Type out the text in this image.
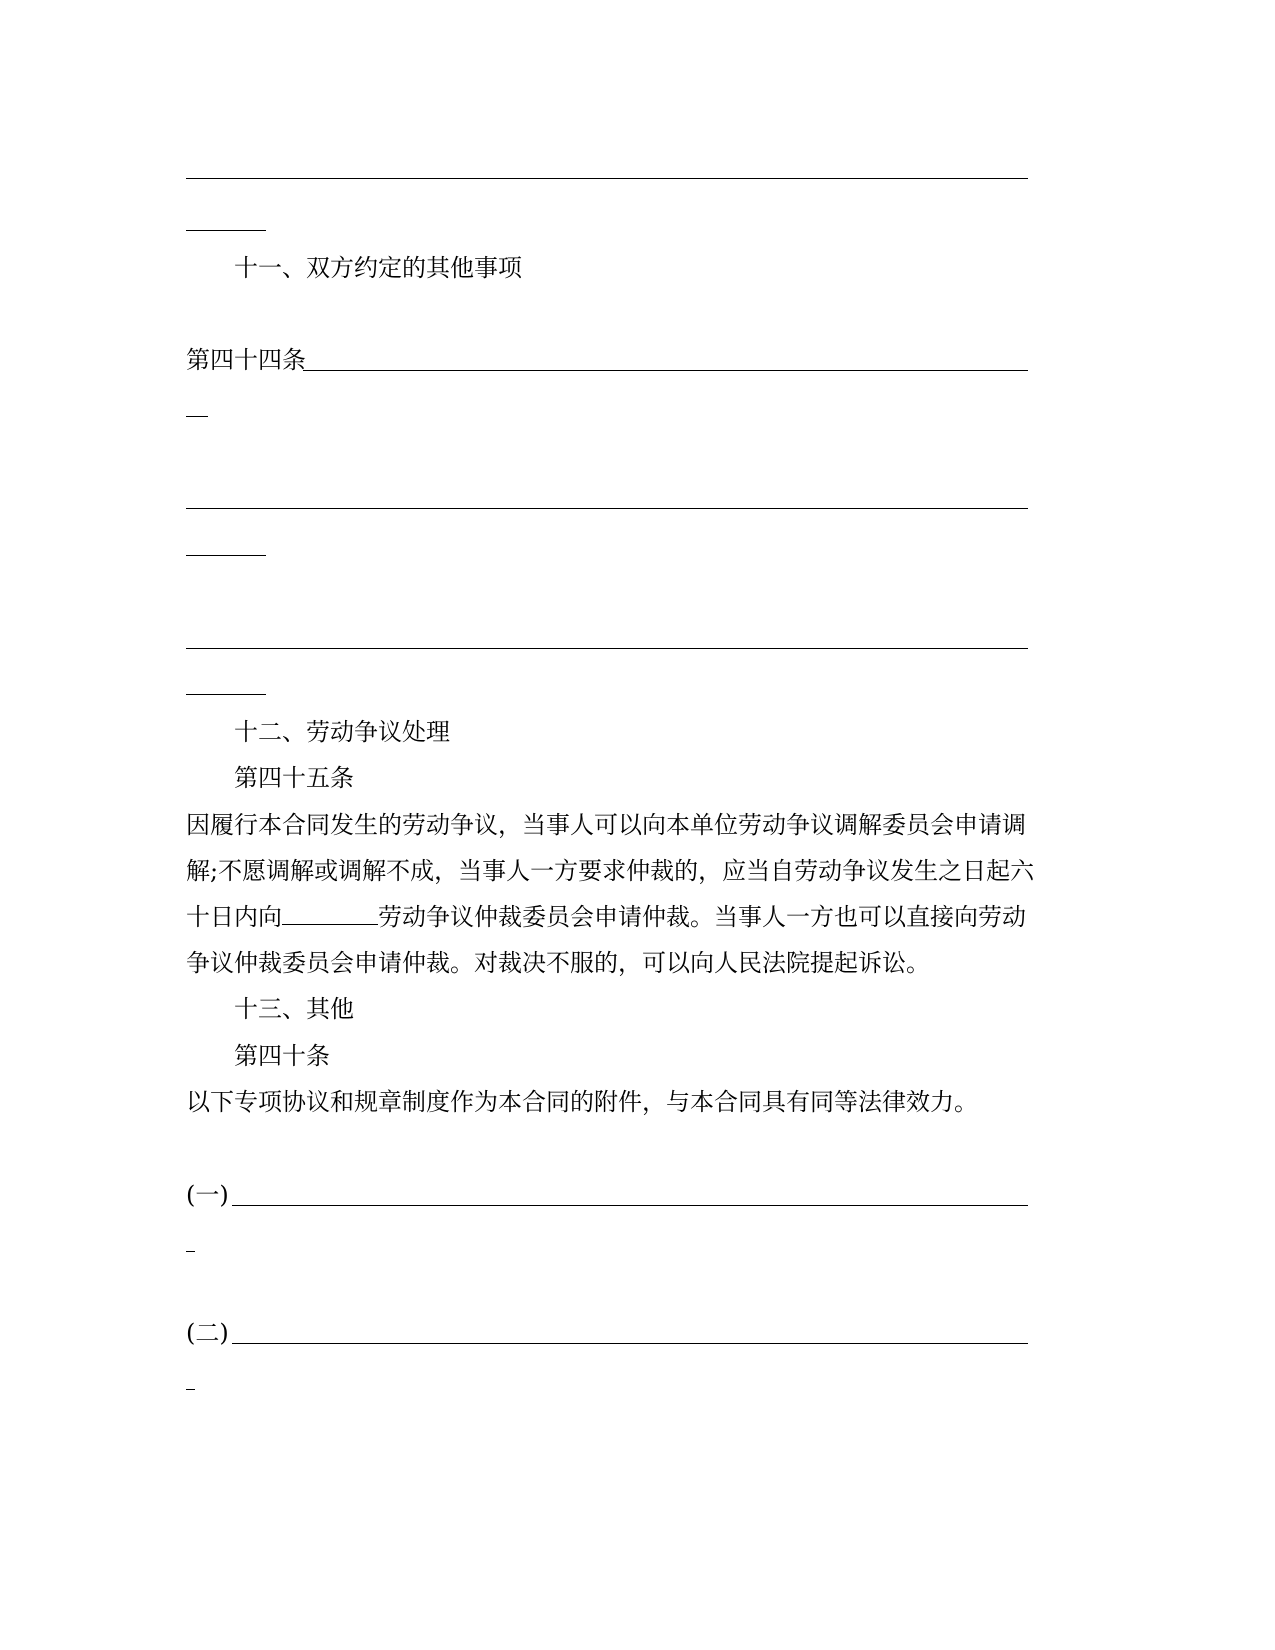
十一、双方约定的其他事项
第四十四条
十二、劳动争议处理
第四十五条
因履行本合同发生的劳动争议，当事人可以向本单位劳动争议调解委员会申请调
解;不愿调解或调解不成，当事人一方要求仲裁的，应当自劳动争议发生之日起六
十日内向	劳动争议仲裁委员会申请仲裁。当事人一方也可以直接向劳动
争议仲裁委员会申请仲裁。对裁决不服的，可以向人民法院提起诉讼。
十三、其他
第四十条
以下专项协议和规章制度作为本合同的附件，与本合同具有同等法律效力。
(一)
(二)
